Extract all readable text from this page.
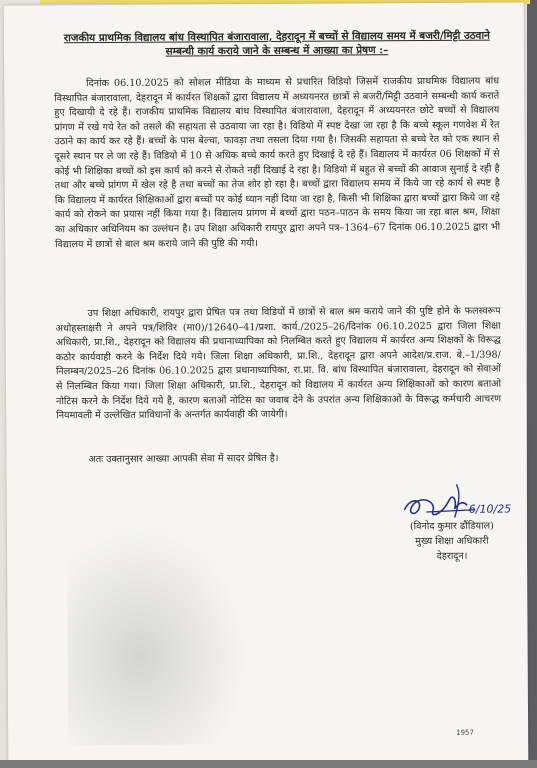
राजकीय प्राथमिक विद्यालय बांध विस्थापित बंजारावाला, देहरादून में बच्चों से विद्यालय समय में बजरी/मिट्टी उठवाने सम्बन्धी कार्य कराये जाने के सम्बन्ध में आख्या का प्रेषण :–
दिनांक 06.10.2025 को सोशल मीडिया के माध्यम से प्रचारित विडियो जिसमें राजकीय प्राथमिक विद्यालय बांध विस्थापित बंजारावाला, देहरादून में कार्यरत शिक्षकों द्वारा विद्यालय में अध्ययनरत छात्रों से बजरी/मिट्टी उठवाने सम्बन्धी कार्य कराते हुए दिखायी दे रहे हैं। राजकीय प्राथमिक विद्यालय बांध विस्थापित बंजारावाला, देहरादून में अध्ययनरत छोटे बच्चों से विद्यालय प्रांगण में रखे गये रेत को तसले की सहायता से उठवाया जा रहा है। विडियो में स्पष्ट देखा जा रहा है कि बच्चे स्कूल गणवेश में रेत उठाने का कार्य कर रहे हैं। बच्चों के पास बेल्चा, फावड़ा तथा तसला दिया गया है। जिसकी सहायता से बच्चे रेत को एक स्थान से दूसरे स्थान पर ले जा रहे हैं। विडियो में 10 से अधिक बच्चे कार्य करते हुए दिखाई दे रहे हैं। विद्यालय में कार्यरत 06 शिक्षकों में से कोई भी शिक्षिका बच्चों को इस कार्य को करने से रोकते नहीं दिखाई दे रहा है। विडियो में बहुत से बच्चों की आवाज सुनाई दे रही है तथा और बच्चे प्रांगण में खेल रहे है तथा बच्चों का तेज शोर हो रहा है। बच्चों द्वारा विद्यालय समय में किये जा रहे कार्य से स्पष्ट है कि विद्यालय में कार्यरत शिक्षिकाओं द्वारा बच्चों पर कोई ध्यान नहीं दिया जा रहा है, किसी भी शिक्षिका द्वारा बच्चों द्वारा किये जा रहे कार्य को रोकने का प्रयास नहीं किया गया है। विद्यालय प्रांगण में बच्चों द्वारा पठन–पाठन के समय किया जा रहा बाल श्रम, शिक्षा का अधिकार अधिनियम का उल्लंघन है। उप शिक्षा अधिकारी रायपुर द्वारा अपने पत्र–1364–67 दिनांक 06.10.2025 द्वारा भी विद्यालय में छात्रों से बाल श्रम कराये जाने की पुष्टि की गयी।
उप शिक्षा अधिकारी, रायपुर द्वारा प्रेषित पत्र तथा विडियों में छात्रों से बाल श्रम कराये जाने की पुष्टि होने के फलस्वरूप अधोहस्ताक्षरी ने अपने पत्र/शिविर (मा0)/12640–41/प्रशा. कार्य./2025–26/दिनांक 06.10.2025 द्वारा जिला शिक्षा अधिकारी, प्रा.शि., देहरादून को विद्यालय की प्रधानाध्यापिका को निलम्बित करते हुए विद्यालय में कार्यरत अन्य शिक्षकों के विरूद्ध कठोर कार्यवाही करने के निर्देश दिये गये। जिला शिक्षा अधिकारी, प्रा.शि., देहरादून द्वारा अपने आदेश/प्र.राज. बे.–1/398/निलम्बन/2025–26 दिनांक 06.10.2025 द्वारा प्रधानाध्यापिका, रा.प्रा. वि. बांध विस्थापित बंजारावाला, देहरादून को सेवाओं से निलम्बित किया गया। जिला शिक्षा अधिकारी, प्रा.शि., देहरादून को विद्यालय में कार्यरत अन्य शिक्षिकाओं को कारण बताओ नोटिस करने के निर्देश दिये गये है, कारण बताओं नोटिस का जवाब देने के उपरांत अन्य शिक्षिकाओं के विरूद्ध कर्मचारी आचरण नियमावली में उल्लेखित प्राविधानों के अन्तर्गत कार्यवाही की जायेगी।
अतः उक्तानुसार आख्या आपकी सेवा में सादर प्रेषित है।
6/10/25
(विनोद कुमार ढौंडियाल)
मुख्य शिक्षा अधिकारी
देहरादून।
1957
